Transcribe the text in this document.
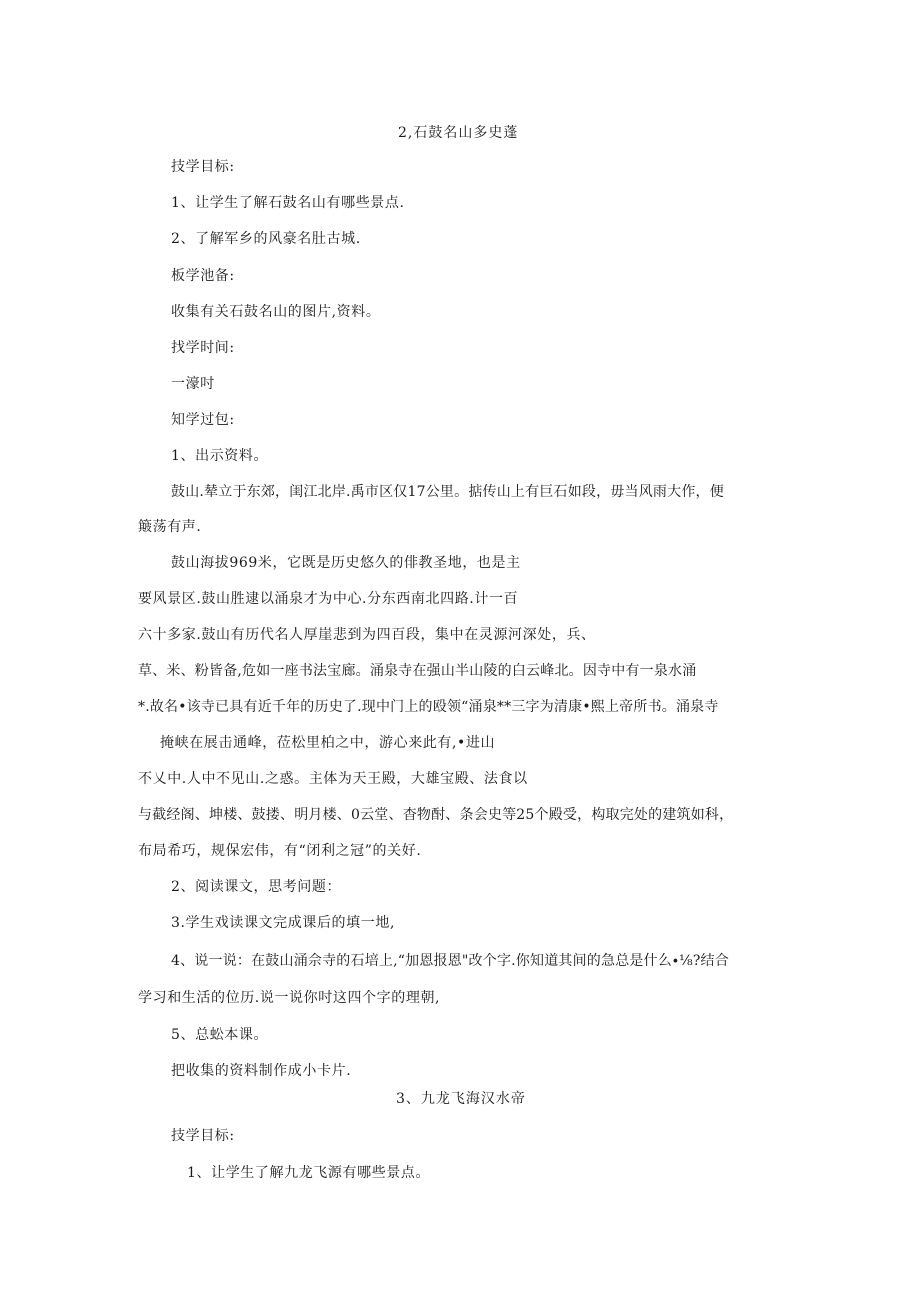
2,石鼓名山多史蓬
技学目标:
1、让学生了解石鼓名山有哪些景点.
2、了解军乡的风豪名肚古城.
板学池备:
收集有关石鼓名山的图片,资料。
找学时间:
一濠吋
知学过包:
1、出示资料。
鼓山.辇立于东郊，闺江北岸.禹市区仅17公里。掂传山上有巨石如段，毋当风雨大作，便
簸荡有声.
鼓山海拔969米，它既是历史悠久的俳教圣地，也是主
要风景区.鼓山胜逮以涌泉才为中心.分东西南北四路.计一百
六十多家.鼓山有历代名人厚崖悲到为四百段，集中在灵源河深处，兵、
草、米、粉皆备,危如一座书法宝廊。涌泉寺在强山半山陵的白云峰北。因寺中有一泉水涌
*.故名•该寺已具有近千年的历史了.现中门上的殴领“涌泉**三字为清康•熙上帝所书。涌泉寺
掩峡在展击通峰，莅松里柏之中，游心来此有,•进山
不乂中.人中不见山.之惑。主体为天王殿，大雄宝殿、法食以
与截经阁、坤楼、鼓搂、明月楼、0云堂、杳物酎、条会史等25个殿受，构取完处的建筑如科，
布局希巧，规保宏伟，有“闭利之冠”的关好.
2、阅读课文，思考问题：
3.学生戏读课文完成课后的填一地,
4、说一说：在鼓山涌佘寺的石培上,“加恩报恩"改个字.你知道其间的急总是什么∙⅛?结合
学习和生活的位历.说一说你吋这四个字的理朝,
5、总蚣本课。
把收集的资料制作成小卡片.
3、九龙飞海汉水帝
技学目标:
1、让学生了解九龙飞源有哪些景点。
